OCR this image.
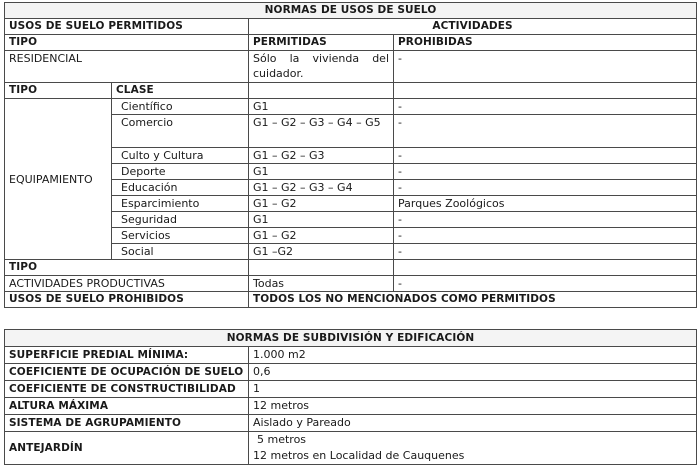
NORMAS DE USOS DE SUELO			
USOS DE SUELO PERMITIDOS		ACTIVIDADES	
TIPO		PERMITIDAS	PROHIBIDAS
RESIDENCIAL		Sólo la vivienda del cuidador.	-
TIPO	CLASE		
EQUIPAMIENTO	Científico	G1	-
	Comercio	G1 – G2 – G3 – G4 – G5	-
	Culto y Cultura	G1 – G2 – G3	-
	Deporte	G1	-
	Educación	G1 – G2 – G3 – G4	-
	Esparcimiento	G1 – G2	Parques Zoológicos
	Seguridad	G1	-
	Servicios	G1 – G2	-
	Social	G1 –G2	-
TIPO			
ACTIVIDADES PRODUCTIVAS		Todas	-
USOS DE SUELO PROHIBIDOS		TODOS LOS NO MENCIONADOS COMO PERMITIDOS	
NORMAS DE SUBDIVISIÓN Y EDIFICACIÓN	
SUPERFICIE PREDIAL MÍNIMA:	1.000 m2
COEFICIENTE DE OCUPACIÓN DE SUELO	0,6
COEFICIENTE DE CONSTRUCTIBILIDAD	1
ALTURA MÁXIMA	12 metros
SISTEMA DE AGRUPAMIENTO	Aislado y Pareado
ANTEJARDÍN	5 metros
12 metros en Localidad de Cauquenes
